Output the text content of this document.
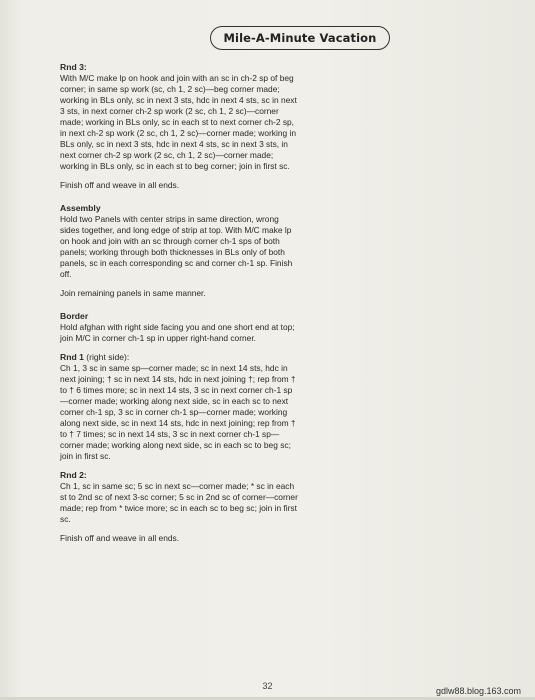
Mile-A-Minute Vacation

Rnd 3:

With M/C make lp on hook and join with an sc in ch-2 sp of beg corner; in same sp work (sc, ch 1, 2 sc)—beg corner made; working in BLs only, sc in next 3 sts, hdc in next 4 sts, sc in next 3 sts, in next corner ch-2 sp work (2 sc, ch 1, 2 sc)—corner made; working in BLs only, sc in each st to next corner ch-2 sp, in next ch-2 sp work (2 sc, ch 1, 2 sc)—corner made; working in BLs only, sc in next 3 sts, hdc in next 4 sts, sc in next 3 sts, in next corner ch-2 sp work (2 sc, ch 1, 2 sc)—corner made; working in BLs only, sc in each st to beg corner; join in first sc.

Finish off and weave in all ends.

Assembly

Hold two Panels with center strips in same direction, wrong sides together, and long edge of strip at top. With M/C make lp on hook and join with an sc through corner ch-1 sps of both panels; working through both thicknesses in BLs only of both panels, sc in each corresponding sc and corner ch-1 sp. Finish off.

Join remaining panels in same manner.

Border

Hold afghan with right side facing you and one short end at top; join M/C in corner ch-1 sp in upper right-hand corner.

Rnd 1 (right side):

Ch 1, 3 sc in same sp—corner made; sc in next 14 sts, hdc in next joining; † sc in next 14 sts, hdc in next joining †; rep from † to † 6 times more; sc in next 14 sts, 3 sc in next corner ch-1 sp—corner made; working along next side, sc in each sc to next corner ch-1 sp, 3 sc in corner ch-1 sp—corner made; working along next side, sc in next 14 sts, hdc in next joining; rep from † to † 7 times; sc in next 14 sts, 3 sc in next corner ch-1 sp—corner made; working along next side, sc in each sc to beg sc; join in first sc.

Rnd 2:

Ch 1, sc in same sc; 5 sc in next sc—corner made; * sc in each st to 2nd sc of next 3-sc corner; 5 sc in 2nd sc of corner—corner made; rep from * twice more; sc in each sc to beg sc; join in first sc.

Finish off and weave in all ends.

32	gdlw88.blog.163.com
